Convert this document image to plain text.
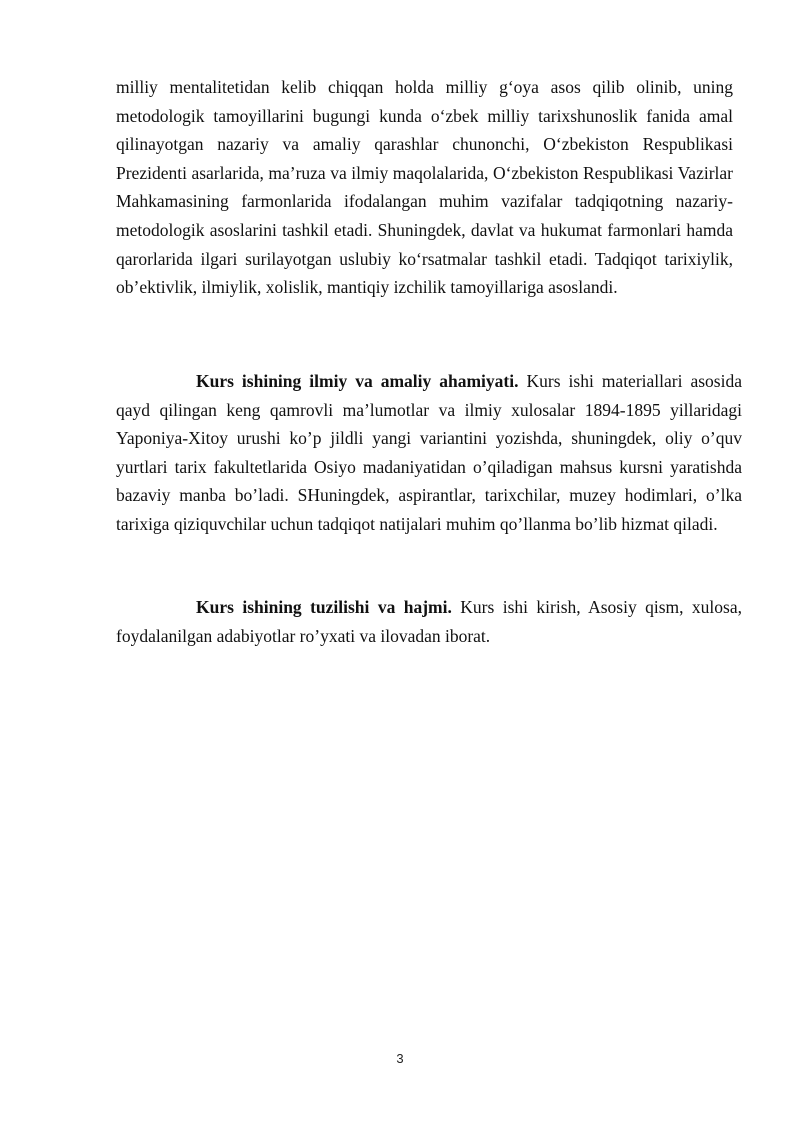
milliy mentalitetidan kelib chiqqan holda milliy g‘oya asos qilib olinib, uning metodologik tamoyillarini bugungi kunda o‘zbek milliy tarixshunoslik fanida amal qilinayotgan nazariy va amaliy qarashlar chunonchi, O‘zbekiston Respublikasi Prezidenti asarlarida, ma’ruza va ilmiy maqolalarida, O‘zbekiston Respublikasi Vazirlar Mahkamasining farmonlarida ifodalangan muhim vazifalar tadqiqotning nazariy-metodologik asoslarini tashkil etadi. Shuningdek, davlat va hukumat farmonlari hamda qarorlarida ilgari surilayotgan uslubiy ko‘rsatmalar tashkil etadi. Tadqiqot tarixiylik, ob’ektivlik, ilmiylik, xolislik, mantiqiy izchilik tamoyillariga asoslandi.

Kurs ishining ilmiy va amaliy ahamiyati. Kurs ishi materiallari asosida qayd qilingan keng qamrovli ma’lumotlar va ilmiy xulosalar 1894-1895 yillaridagi Yaponiya-Xitoy urushi ko’p jildli yangi variantini yozishda, shuningdek, oliy o’quv yurtlari tarix fakultetlarida Osiyo madaniyatidan o’qiladigan mahsus kursni yaratishda bazaviy manba bo’ladi. SHuningdek, aspirantlar, tarixchilar, muzey hodimlari, o’lka tarixiga qiziquvchilar uchun tadqiqot natijalari muhim qo’llanma bo’lib hizmat qiladi.

Kurs ishining tuzilishi va hajmi. Kurs ishi kirish, Asosiy qism, xulosa, foydalanilgan adabiyotlar ro’yxati va ilovadan iborat.

3
